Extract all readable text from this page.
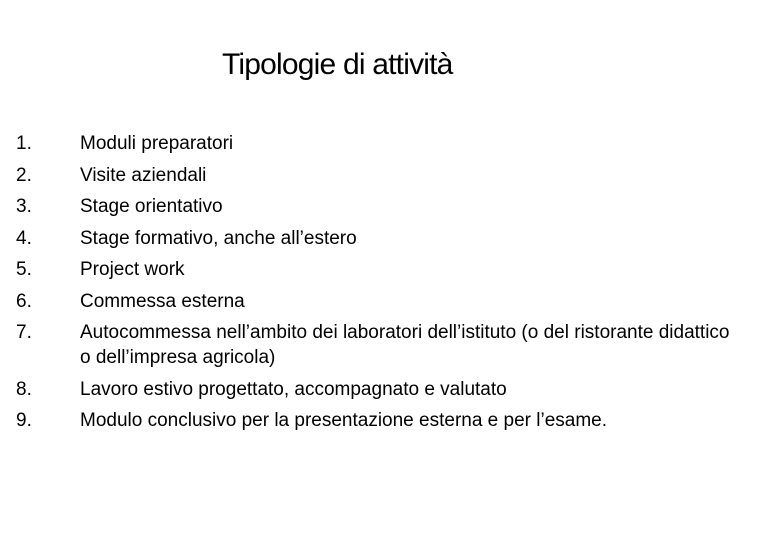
Tipologie di attività
1.	Moduli preparatori
2.	Visite aziendali
3.	Stage orientativo
4.	Stage formativo, anche all’estero
5.	Project work
6.	Commessa esterna
7.	Autocommessa nell’ambito dei laboratori dell’istituto (o del ristorante didattico o dell’impresa agricola)
8.	Lavoro estivo progettato, accompagnato e valutato
9.	Modulo conclusivo per la presentazione esterna e per l’esame.
